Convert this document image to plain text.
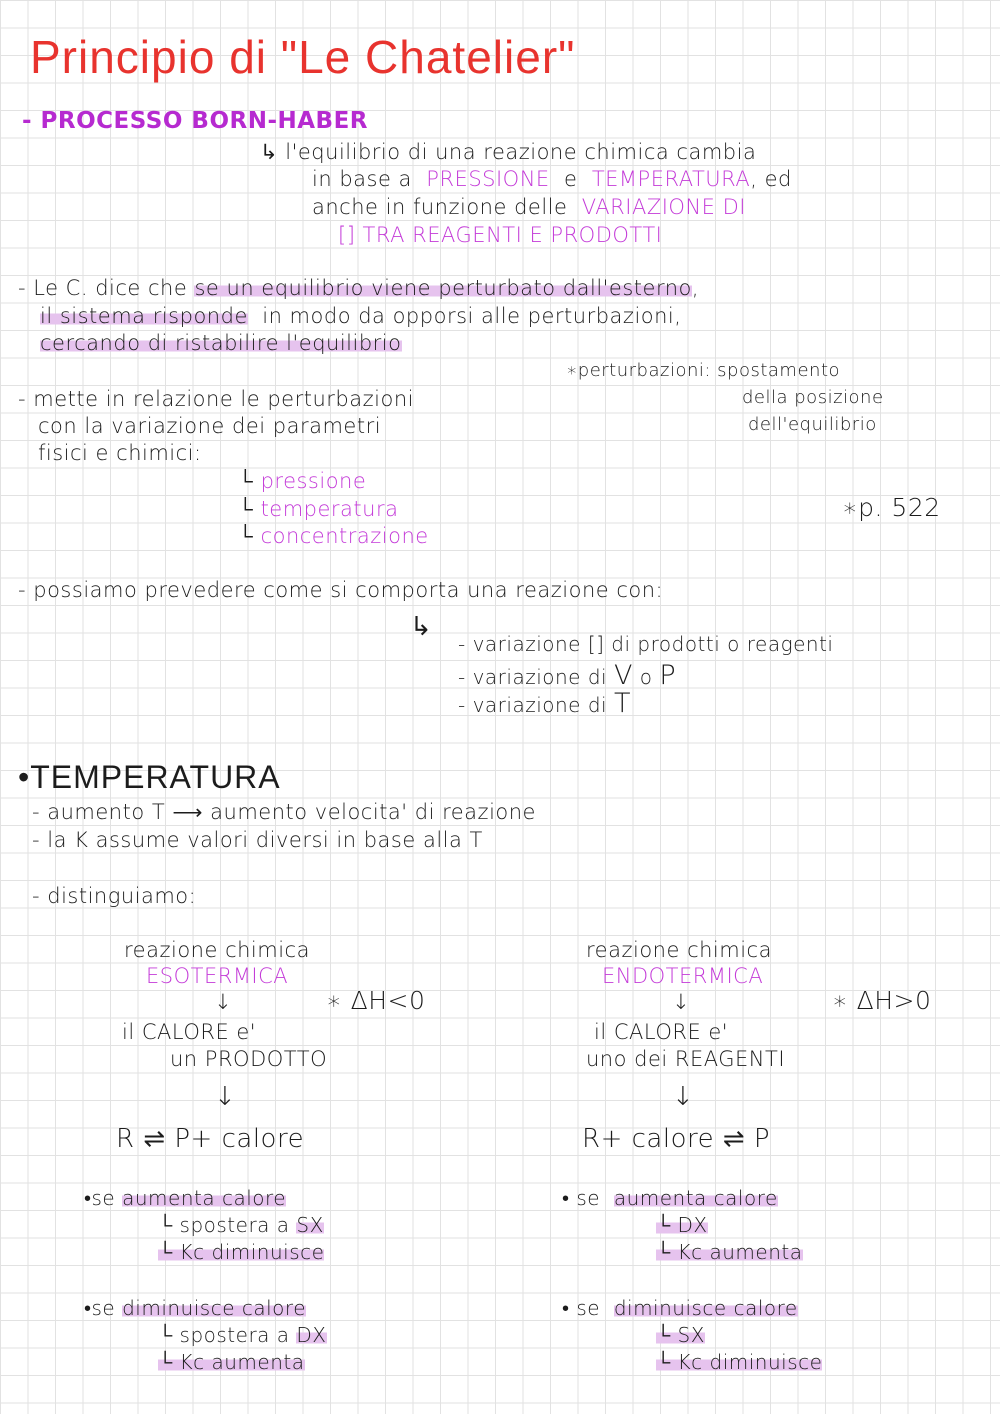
Principio di "Le Chatelier"
- PROCESSO BORN-HABER
↳ l'equilibrio di una reazione chimica cambia
in base a PRESSIONE e TEMPERATURA, ed
anche in funzione delle VARIAZIONE DI
[] TRA REAGENTI E PRODOTTI
- Le C. dice che se un equilibrio viene perturbato dall'esterno,
il sistema risponde in modo da opporsi alle perturbazioni,
cercando di ristabilire l'equilibrio
∗perturbazioni: spostamento
della posizione
dell'equilibrio
- mette in relazione le perturbazioni
con la variazione dei parametri
fisici e chimici:
└ pressione
└ temperatura
└ concentrazione
∗p. 522
- possiamo prevedere come si comporta una reazione con:
↳
- variazione [] di prodotti o reagenti
- variazione di V o P
- variazione di T
•TEMPERATURA
- aumento T ⟶ aumento velocita' di reazione
- la K assume valori diversi in base alla T
- distinguiamo:
reazione chimica
ESOTERMICA
↓	∗ ΔH<0
il CALORE e'
un PRODOTTO
↓
R ⇌ P+ calore
•se aumenta calore
└ spostera a SX
└ Kc diminuisce
•se diminuisce calore
└ spostera a DX
└ Kc aumenta
reazione chimica
ENDOTERMICA
↓	∗ ΔH>0
il CALORE e'
uno dei REAGENTI
↓
R+ calore ⇌ P
• se aumenta calore
└ DX
└ Kc aumenta
• se diminuisce calore
└ SX
└ Kc diminuisce
